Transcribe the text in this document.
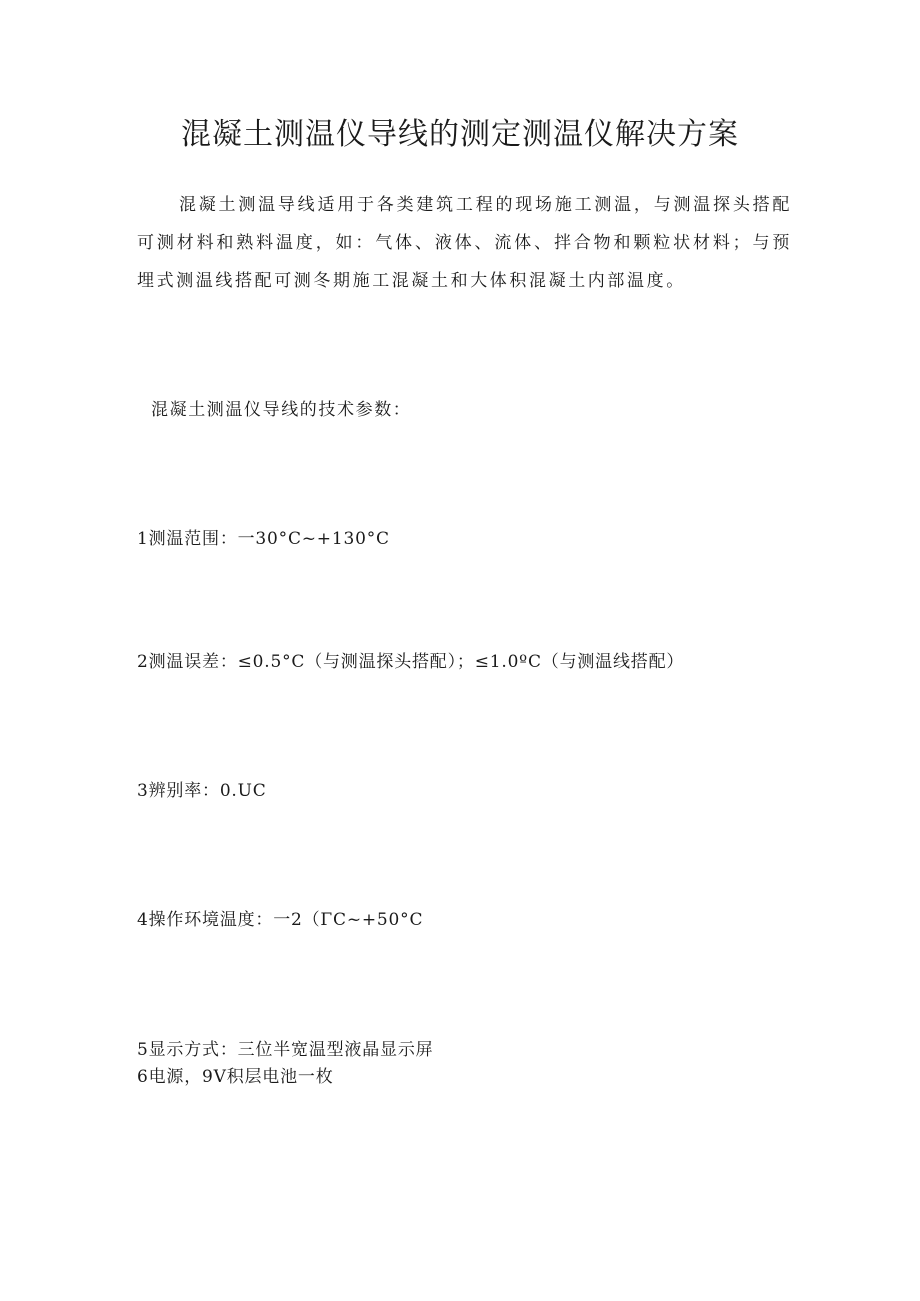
混凝土测温仪导线的测定测温仪解决方案

混凝土测温导线适用于各类建筑工程的现场施工测温，与测温探头搭配可测材料和熟料温度，如：气体、液体、流体、拌合物和颗粒状材料；与预埋式测温线搭配可测冬期施工混凝土和大体积混凝土内部温度。

混凝土测温仪导线的技术参数：

1测温范围：一30°C~+130°C

2测温误差：≤0.5°C（与测温探头搭配）；≤1.0ºC（与测温线搭配）

3辨别率：0.UC

4操作环境温度：一2（ΓC~+50°C

5显示方式：三位半宽温型液晶显示屏

6电源，9V积层电池一枚
